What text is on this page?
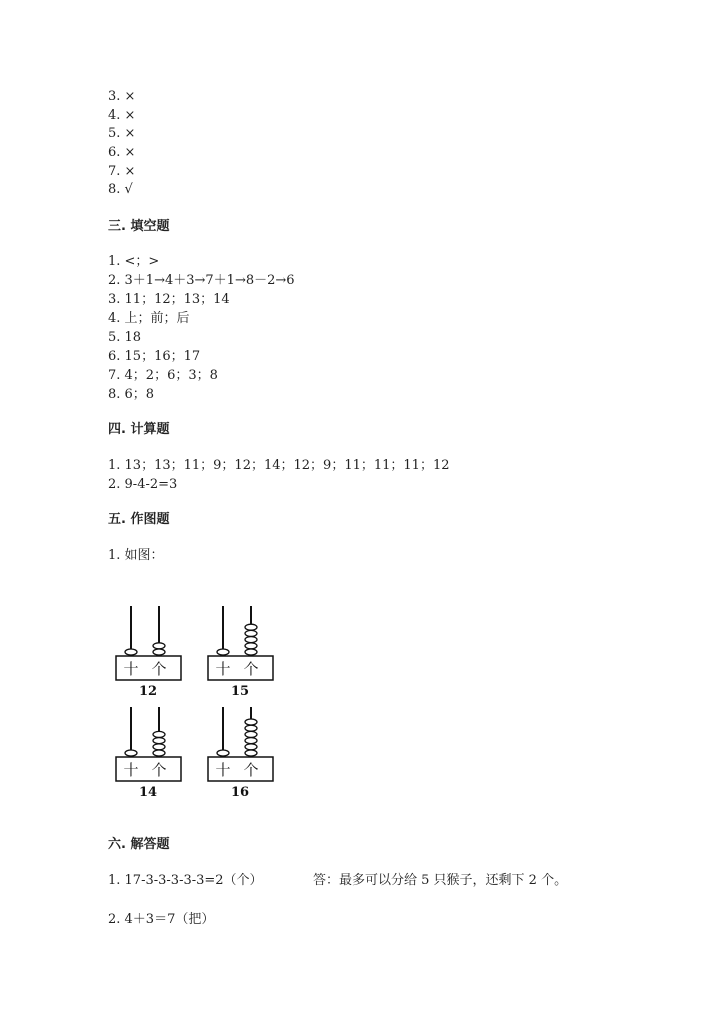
3. ×
4. ×
5. ×
6. ×
7. ×
8. √
三. 填空题
1. <；>
2. 3＋1→4＋3→7＋1→8－2→6
3. 11；12；13；14
4. 上；前；后
5. 18
6. 15；16；17
7. 4；2；6；3；8
8. 6；8
四. 计算题
1. 13；13；11；9；12；14；12；9；11；11；11；12
2. 9-4-2=3
五. 作图题
1. 如图：
十 个
12
十 个
15
十 个
14
十 个
16
六. 解答题
1. 17-3-3-3-3-3=2（个）	答：最多可以分给 5 只猴子，还剩下 2 个。
2. 4＋3＝7（把）
